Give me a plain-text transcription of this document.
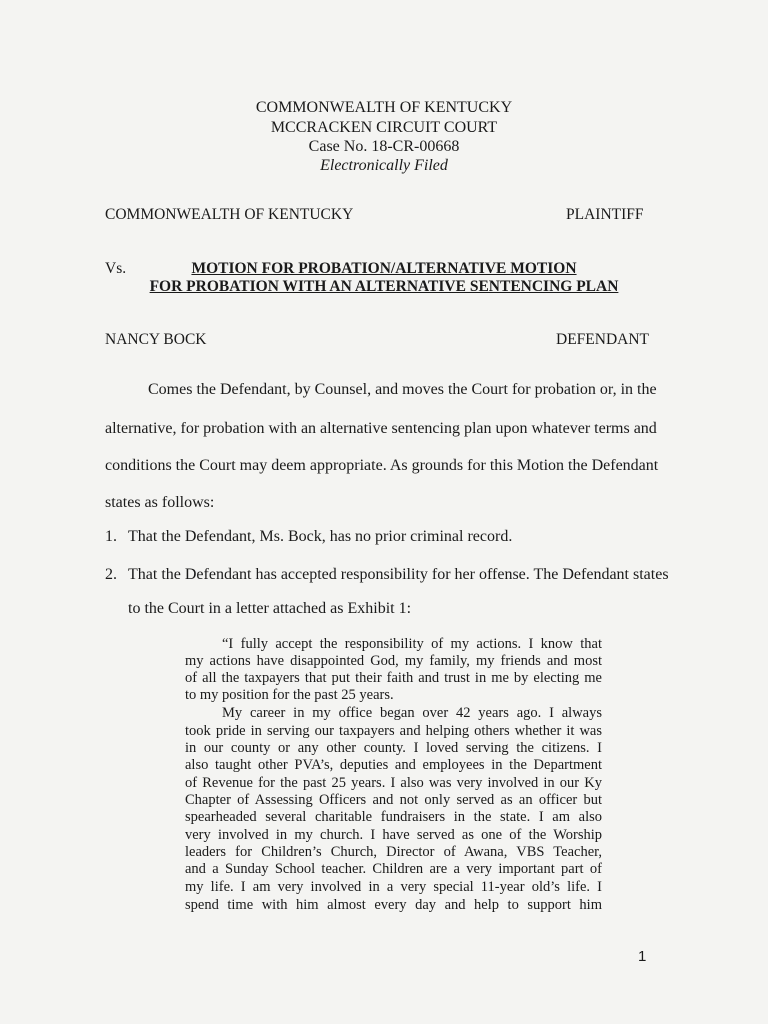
COMMONWEALTH OF KENTUCKY
MCCRACKEN CIRCUIT COURT
Case No. 18-CR-00668
Electronically Filed
COMMONWEALTH OF KENTUCKY	PLAINTIFF
Vs.	MOTION FOR PROBATION/ALTERNATIVE MOTION
FOR PROBATION WITH AN ALTERNATIVE SENTENCING PLAN
NANCY BOCK	DEFENDANT
Comes the Defendant, by Counsel, and moves the Court for probation or, in the
alternative, for probation with an alternative sentencing plan upon whatever terms and
conditions the Court may deem appropriate. As grounds for this Motion the Defendant
states as follows:
1. That the Defendant, Ms. Bock, has no prior criminal record.
2. That the Defendant has accepted responsibility for her offense. The Defendant states
to the Court in a letter attached as Exhibit 1:
“I fully accept the responsibility of my actions. I know that
my actions have disappointed God, my family, my friends and most
of all the taxpayers that put their faith and trust in me by electing me
to my position for the past 25 years.
My career in my office began over 42 years ago. I always
took pride in serving our taxpayers and helping others whether it was
in our county or any other county. I loved serving the citizens. I
also taught other PVA’s, deputies and employees in the Department
of Revenue for the past 25 years. I also was very involved in our Ky
Chapter of Assessing Officers and not only served as an officer but
spearheaded several charitable fundraisers in the state. I am also
very involved in my church. I have served as one of the Worship
leaders for Children’s Church, Director of Awana, VBS Teacher,
and a Sunday School teacher. Children are a very important part of
my life. I am very involved in a very special 11-year old’s life. I
spend time with him almost every day and help to support him
1
